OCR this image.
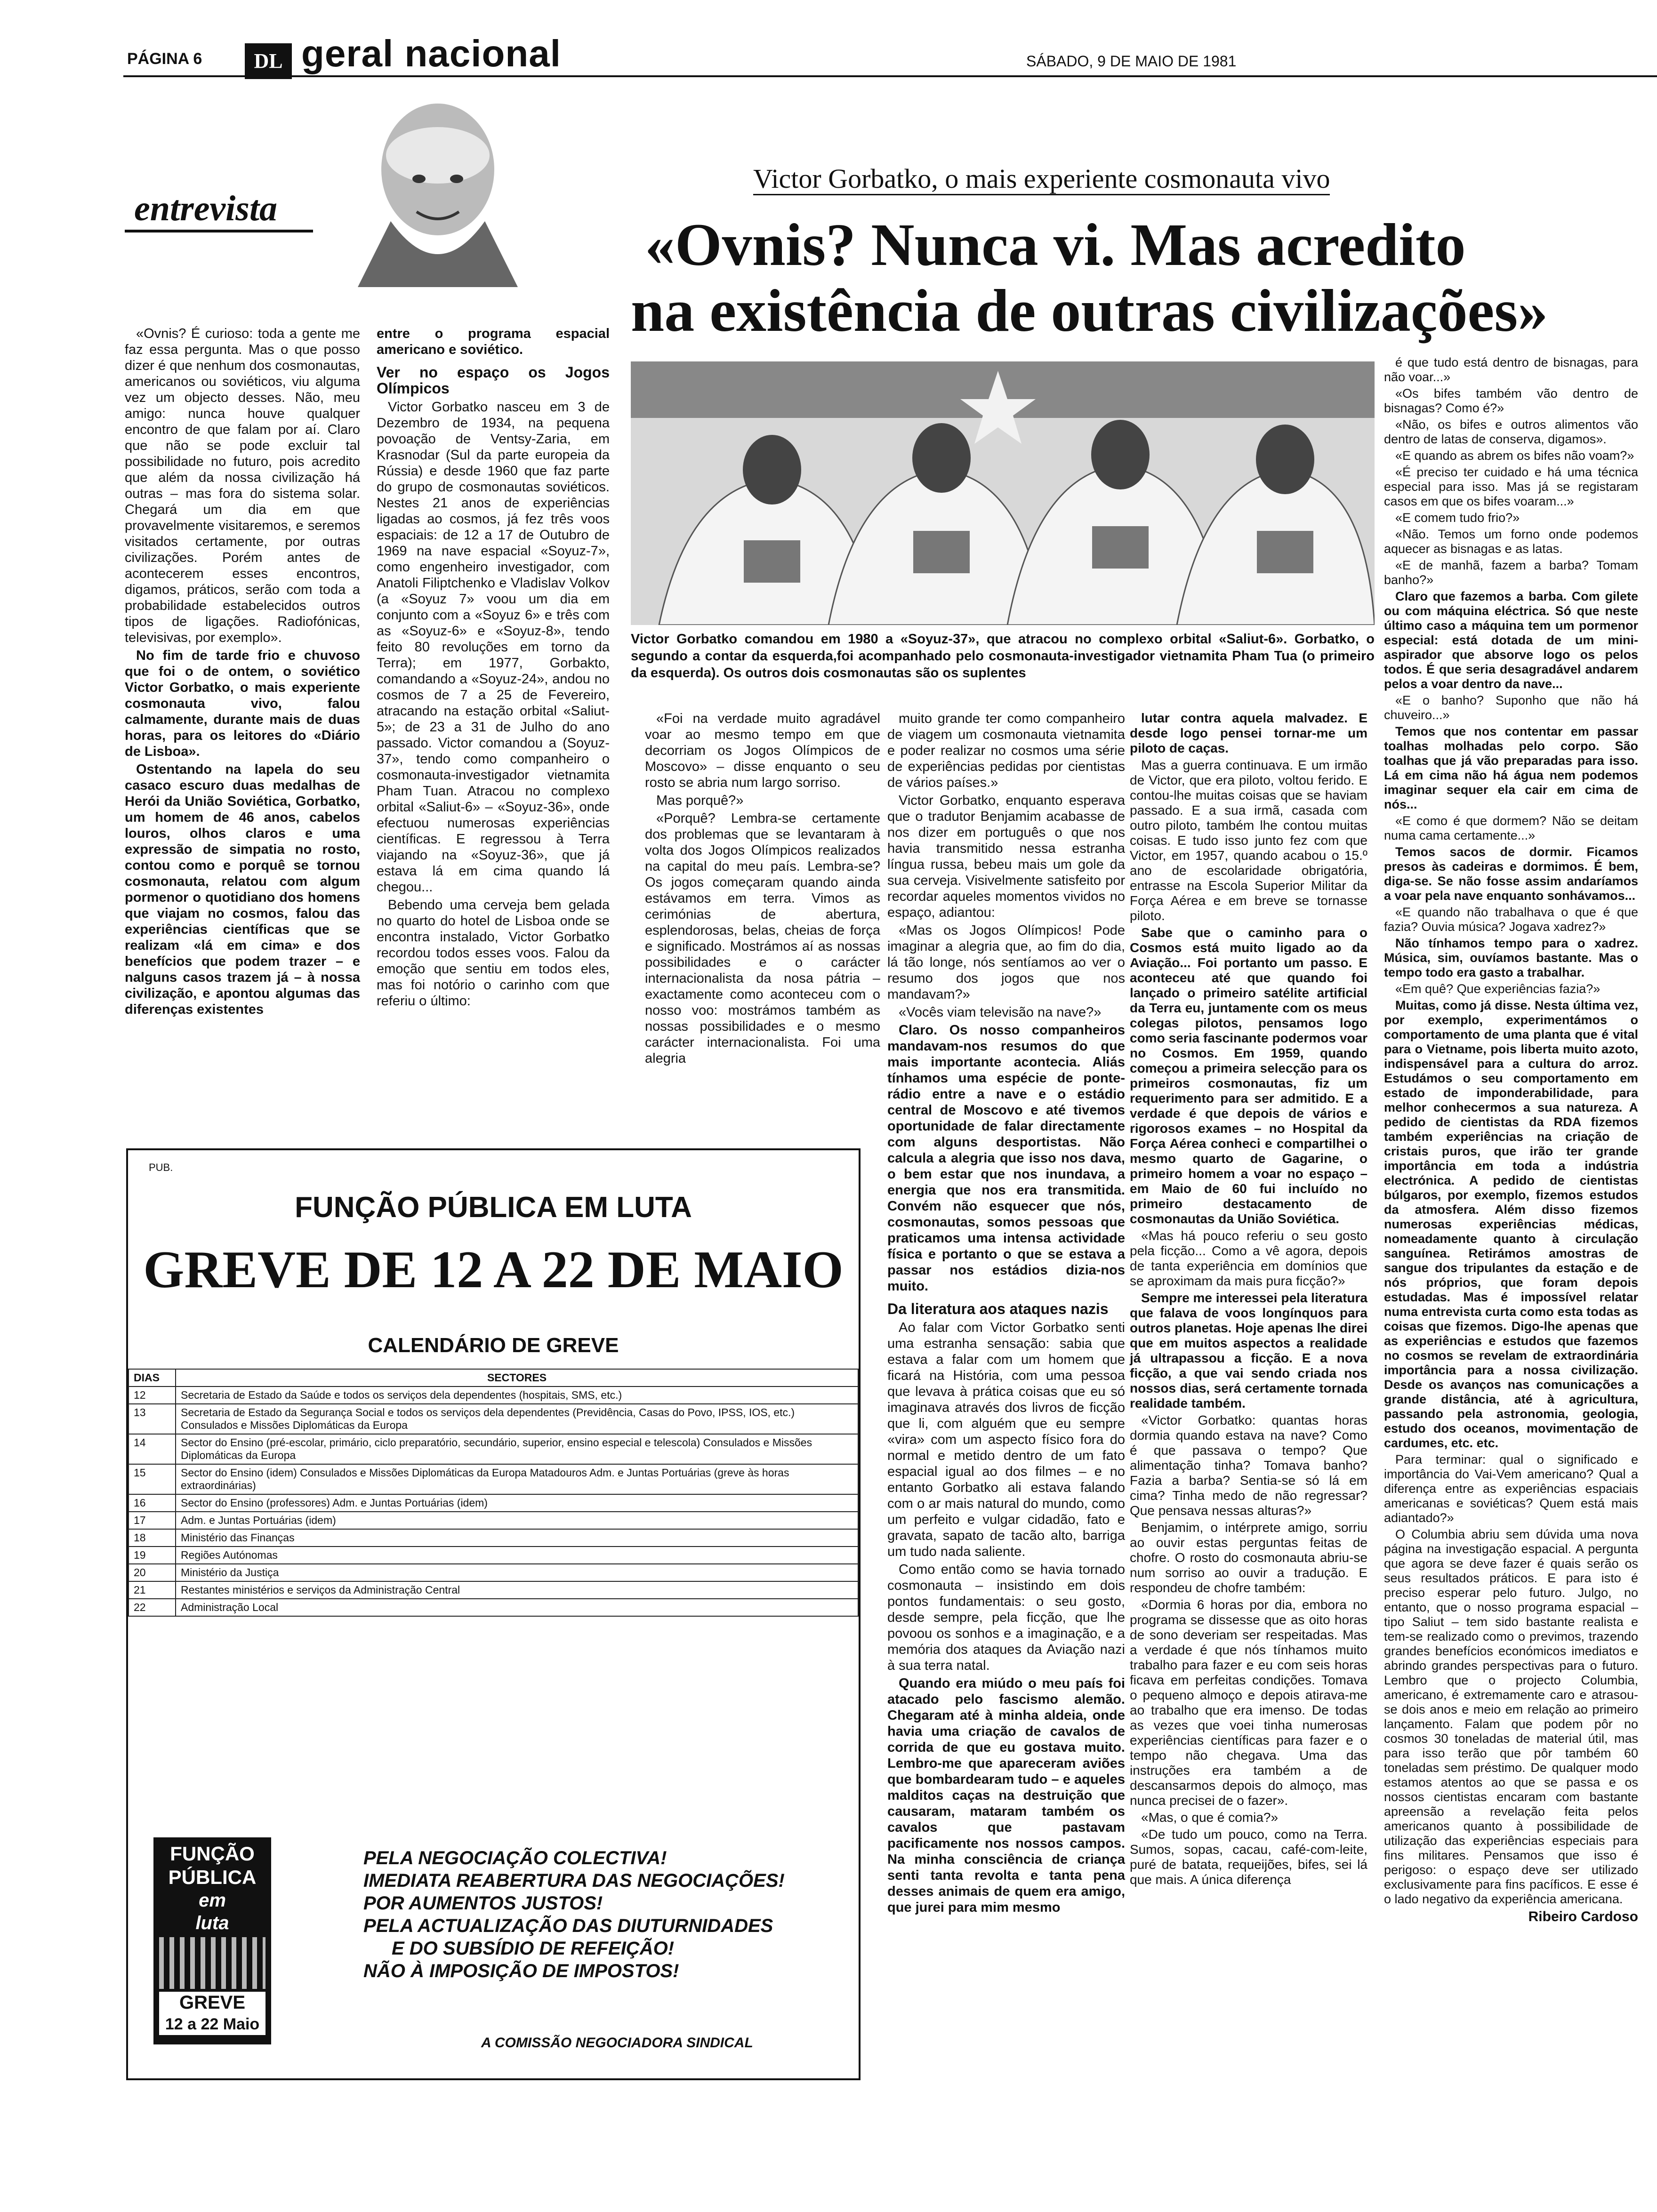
PÁGINA 6	DL geral nacional	SÁBADO, 9 DE MAIO DE 1981
entrevista
Victor Gorbatko, o mais experiente cosmonauta vivo
«Ovnis? Nunca vi. Mas acredito
na existência de outras civilizações»
Victor Gorbatko comandou em 1980 a «Soyuz-37», que atracou no complexo orbital «Saliut-6». Gorbatko, o segundo a contar da esquerda,foi acompanhado pelo cosmonauta-investigador vietnamita Pham Tua (o primeiro da esquerda). Os outros dois cosmonautas são os suplentes

«Ovnis? É curioso: toda a gente me faz essa pergunta. Mas o que posso dizer é que nenhum dos cosmonautas, americanos ou soviéticos, viu alguma vez um objecto desses. Não, meu amigo: nunca houve qualquer encontro de que falam por aí. Claro que não se pode excluir tal possibilidade no futuro, pois acredito que além da nossa civilização há outras – mas fora do sistema solar. Chegará um dia em que provavelmente visitaremos, e seremos visitados certamente, por outras civilizações. Porém antes de acontecerem esses encontros, digamos, práticos, serão com toda a probabilidade estabelecidos outros tipos de ligações. Radiofónicas, televisivas, por exemplo».

No fim de tarde frio e chuvoso que foi o de ontem, o soviético Victor Gorbatko, o mais experiente cosmonauta vivo, falou calmamente, durante mais de duas horas, para os leitores do «Diário de Lisboa».

Ostentando na lapela do seu casaco escuro duas medalhas de Herói da União Soviética, Gorbatko, um homem de 46 anos, cabelos louros, olhos claros e uma expressão de simpatia no rosto, contou como e porquê se tornou cosmonauta, relatou com algum pormenor o quotidiano dos homens que viajam no cosmos, falou das experiências científicas que se realizam «lá em cima» e dos benefícios que podem trazer – e nalguns casos trazem já – à nossa civilização, e apontou algumas das diferenças existentes

entre o programa espacial americano e soviético.

Ver no espaço os Jogos Olímpicos

Victor Gorbatko nasceu em 3 de Dezembro de 1934, na pequena povoação de Ventsy-Zaria, em Krasnodar (Sul da parte europeia da Rússia) e desde 1960 que faz parte do grupo de cosmonautas soviéticos. Nestes 21 anos de experiências ligadas ao cosmos, já fez três voos espaciais: de 12 a 17 de Outubro de 1969 na nave espacial «Soyuz-7», como engenheiro investigador, com Anatoli Filiptchenko e Vladislav Volkov (a «Soyuz 7» voou um dia em conjunto com a «Soyuz 6» e três com as «Soyuz-6» e «Soyuz-8», tendo feito 80 revoluções em torno da Terra); em 1977, Gorbakto, comandando a «Soyuz-24», andou no cosmos de 7 a 25 de Fevereiro, atracando na estação orbital «Saliut-5»; de 23 a 31 de Julho do ano passado. Victor comandou a (Soyuz-37», tendo como companheiro o cosmonauta-investigador vietnamita Pham Tuan. Atracou no complexo orbital «Saliut-6» – «Soyuz-36», onde efectuou numerosas experiências científicas. E regressou à Terra viajando na «Soyuz-36», que já estava lá em cima quando lá chegou...

Bebendo uma cerveja bem gelada no quarto do hotel de Lisboa onde se encontra instalado, Victor Gorbatko recordou todos esses voos. Falou da emoção que sentiu em todos eles, mas foi notório o carinho com que referiu o último:

«Foi na verdade muito agradável voar ao mesmo tempo em que decorriam os Jogos Olímpicos de Moscovo» – disse enquanto o seu rosto se abria num largo sorriso.

Mas porquê?»

«Porquê? Lembra-se certamente dos problemas que se levantaram à volta dos Jogos Olímpicos realizados na capital do meu país. Lembra-se? Os jogos começaram quando ainda estávamos em terra. Vimos as cerimónias de abertura, esplendorosas, belas, cheias de força e significado. Mostrámos aí as nossas possibilidades e o carácter internacionalista da nosa pátria – exactamente como aconteceu com o nosso voo: mostrámos também as nossas possibilidades e o mesmo carácter internacionalista. Foi uma alegria

muito grande ter como companheiro de viagem um cosmonauta vietnamita e poder realizar no cosmos uma série de experiências pedidas por cientistas de vários países.»

Victor Gorbatko, enquanto esperava que o tradutor Benjamim acabasse de nos dizer em português o que nos havia transmitido nessa estranha língua russa, bebeu mais um gole da sua cerveja. Visivelmente satisfeito por recordar aqueles momentos vividos no espaço, adiantou:

«Mas os Jogos Olímpicos! Pode imaginar a alegria que, ao fim do dia, lá tão longe, nós sentíamos ao ver o resumo dos jogos que nos mandavam?»

«Vocês viam televisão na nave?»

Claro. Os nosso companheiros mandavam-nos resumos do que mais importante acontecia. Aliás tínhamos uma espécie de ponte-rádio entre a nave e o estádio central de Moscovo e até tivemos oportunidade de falar directamente com alguns desportistas. Não calcula a alegria que isso nos dava, o bem estar que nos inundava, a energia que nos era transmitida. Convém não esquecer que nós, cosmonautas, somos pessoas que praticamos uma intensa actividade física e portanto o que se estava a passar nos estádios dizia-nos muito.

Da literatura aos ataques nazis

Ao falar com Victor Gorbatko senti uma estranha sensação: sabia que estava a falar com um homem que ficará na História, com uma pessoa que levava à prática coisas que eu só imaginava através dos livros de ficção que li, com alguém que eu sempre «vira» com um aspecto físico fora do normal e metido dentro de um fato espacial igual ao dos filmes – e no entanto Gorbatko ali estava falando com o ar mais natural do mundo, como um perfeito e vulgar cidadão, fato e gravata, sapato de tacão alto, barriga um tudo nada saliente.

Como então como se havia tornado cosmonauta – insistindo em dois pontos fundamentais: o seu gosto, desde sempre, pela ficção, que lhe povoou os sonhos e a imaginação, e a memória dos ataques da Aviação nazi à sua terra natal.

Quando era miúdo o meu país foi atacado pelo fascismo alemão. Chegaram até à minha aldeia, onde havia uma criação de cavalos de corrida de que eu gostava muito. Lembro-me que apareceram aviões que bombardearam tudo – e aqueles malditos caças na destruição que causaram, mataram também os cavalos que pastavam pacificamente nos nossos campos. Na minha consciência de criança senti tanta revolta e tanta pena desses animais de quem era amigo, que jurei para mim mesmo

lutar contra aquela malvadez. E desde logo pensei tornar-me um piloto de caças.

Mas a guerra continuava. E um irmão de Victor, que era piloto, voltou ferido. E contou-lhe muitas coisas que se haviam passado. E a sua irmã, casada com outro piloto, também lhe contou muitas coisas. E tudo isso junto fez com que Victor, em 1957, quando acabou o 15.º ano de escolaridade obrigatória, entrasse na Escola Superior Militar da Força Aérea e em breve se tornasse piloto.

Sabe que o caminho para o Cosmos está muito ligado ao da Aviação... Foi portanto um passo. E aconteceu até que quando foi lançado o primeiro satélite artificial da Terra eu, juntamente com os meus colegas pilotos, pensamos logo como seria fascinante podermos voar no Cosmos. Em 1959, quando começou a primeira selecção para os primeiros cosmonautas, fiz um requerimento para ser admitido. E a verdade é que depois de vários e rigorosos exames – no Hospital da Força Aérea conheci e compartilhei o mesmo quarto de Gagarine, o primeiro homem a voar no espaço – em Maio de 60 fui incluído no primeiro destacamento de cosmonautas da União Soviética.

«Mas há pouco referiu o seu gosto pela ficção... Como a vê agora, depois de tanta experiência em domínios que se aproximam da mais pura ficção?»

Sempre me interessei pela literatura que falava de voos longínquos para outros planetas. Hoje apenas lhe direi que em muitos aspectos a realidade já ultrapassou a ficção. E a nova ficção, a que vai sendo criada nos nossos dias, será certamente tornada realidade também.

«Victor Gorbatko: quantas horas dormia quando estava na nave? Como é que passava o tempo? Que alimentação tinha? Tomava banho? Fazia a barba? Sentia-se só lá em cima? Tinha medo de não regressar? Que pensava nessas alturas?»

Benjamim, o intérprete amigo, sorriu ao ouvir estas perguntas feitas de chofre. O rosto do cosmonauta abriu-se num sorriso ao ouvir a tradução. E respondeu de chofre também:

«Dormia 6 horas por dia, embora no programa se dissesse que as oito horas de sono deveriam ser respeitadas. Mas a verdade é que nós tínhamos muito trabalho para fazer e eu com seis horas ficava em perfeitas condições. Tomava o pequeno almoço e depois atirava-me ao trabalho que era imenso. De todas as vezes que voei tinha numerosas experiências científicas para fazer e o tempo não chegava. Uma das instruções era também a de descansarmos depois do almoço, mas nunca precisei de o fazer».

«Mas, o que é comia?»

«De tudo um pouco, como na Terra. Sumos, sopas, cacau, café-com-leite, puré de batata, requeijões, bifes, sei lá que mais. A única diferença

é que tudo está dentro de bisnagas, para não voar...»

«Os bifes também vão dentro de bisnagas? Como é?»

«Não, os bifes e outros alimentos vão dentro de latas de conserva, digamos».

«E quando as abrem os bifes não voam?»

«É preciso ter cuidado e há uma técnica especial para isso. Mas já se registaram casos em que os bifes voaram...»

«E comem tudo frio?»

«Não. Temos um forno onde podemos aquecer as bisnagas e as latas.

«E de manhã, fazem a barba? Tomam banho?»

Claro que fazemos a barba. Com gilete ou com máquina eléctrica. Só que neste último caso a máquina tem um pormenor especial: está dotada de um mini-aspirador que absorve logo os pelos todos. É que seria desagradável andarem pelos a voar dentro da nave...

«E o banho? Suponho que não há chuveiro...»

Temos que nos contentar em passar toalhas molhadas pelo corpo. São toalhas que já vão preparadas para isso. Lá em cima não há água nem podemos imaginar sequer ela cair em cima de nós...

«E como é que dormem? Não se deitam numa cama certamente...»

Temos sacos de dormir. Ficamos presos às cadeiras e dormimos. É bem, diga-se. Se não fosse assim andaríamos a voar pela nave enquanto sonhávamos...

«E quando não trabalhava o que é que fazia? Ouvia música? Jogava xadrez?»

Não tínhamos tempo para o xadrez. Música, sim, ouvíamos bastante. Mas o tempo todo era gasto a trabalhar.

«Em quê? Que experiências fazia?»

Muitas, como já disse. Nesta última vez, por exemplo, experimentámos o comportamento de uma planta que é vital para o Vietname, pois liberta muito azoto, indispensável para a cultura do arroz. Estudámos o seu comportamento em estado de imponderabilidade, para melhor conhecermos a sua natureza. A pedido de cientistas da RDA fizemos também experiências na criação de cristais puros, que irão ter grande importância em toda a indústria electrónica. A pedido de cientistas búlgaros, por exemplo, fizemos estudos da atmosfera. Além disso fizemos numerosas experiências médicas, nomeadamente quanto à circulação sanguínea. Retirámos amostras de sangue dos tripulantes da estação e de nós próprios, que foram depois estudadas. Mas é impossível relatar numa entrevista curta como esta todas as coisas que fizemos. Digo-lhe apenas que as experiências e estudos que fazemos no cosmos se revelam de extraordinária importância para a nossa civilização. Desde os avanços nas comunicações a grande distância, até à agricultura, passando pela astronomia, geologia, estudo dos oceanos, movimentação de cardumes, etc. etc.

Para terminar: qual o significado e importância do Vai-Vem americano? Qual a diferença entre as experiências espaciais americanas e soviéticas? Quem está mais adiantado?»

O Columbia abriu sem dúvida uma nova página na investigação espacial. A pergunta que agora se deve fazer é quais serão os seus resultados práticos. E para isto é preciso esperar pelo futuro. Julgo, no entanto, que o nosso programa espacial – tipo Saliut – tem sido bastante realista e tem-se realizado como o previmos, trazendo grandes benefícios económicos imediatos e abrindo grandes perspectivas para o futuro. Lembro que o projecto Columbia, americano, é extremamente caro e atrasou-se dois anos e meio em relação ao primeiro lançamento. Falam que podem pôr no cosmos 30 toneladas de material útil, mas para isso terão que pôr também 60 toneladas sem préstimo. De qualquer modo estamos atentos ao que se passa e os nossos cientistas encaram com bastante apreensão a revelação feita pelos americanos quanto à possibilidade de utilização das experiências especiais para fins militares. Pensamos que isso é perigoso: o espaço deve ser utilizado exclusivamente para fins pacíficos. E esse é o lado negativo da experiência americana.

Ribeiro Cardoso
PUB.
FUNÇÃO PÚBLICA EM LUTA
GREVE DE 12 A 22 DE MAIO
CALENDÁRIO DE GREVE
DIAS	SECTORES
12	Secretaria de Estado da Saúde e todos os serviços dela dependentes (hospitais, SMS, etc.)
13	Secretaria de Estado da Segurança Social e todos os serviços dela dependentes (Previdência, Casas do Povo, IPSS, IOS, etc.) Consulados e Missões Diplomáticas da Europa
14	Sector do Ensino (pré-escolar, primário, ciclo preparatório, secundário, superior, ensino especial e telescola) Consulados e Missões Diplomáticas da Europa
15	Sector do Ensino (idem) Consulados e Missões Diplomáticas da Europa Matadouros Adm. e Juntas Portuárias (greve às horas extraordinárias)
16	Sector do Ensino (professores) Adm. e Juntas Portuárias (idem)
17	Adm. e Juntas Portuárias (idem)
18	Ministério das Finanças
19	Regiões Autónomas
20	Ministério da Justiça
21	Restantes ministérios e serviços da Administração Central
22	Administração Local
FUNÇÃO
PÚBLICA
em
luta
GREVE
12 a 22 Maio
PELA NEGOCIAÇÃO COLECTIVA!
IMEDIATA REABERTURA DAS NEGOCIAÇÕES!
POR AUMENTOS JUSTOS!
PELA ACTUALIZAÇÃO DAS DIUTURNIDADES
E DO SUBSÍDIO DE REFEIÇÃO!
NÃO À IMPOSIÇÃO DE IMPOSTOS!
A COMISSÃO NEGOCIADORA SINDICAL
